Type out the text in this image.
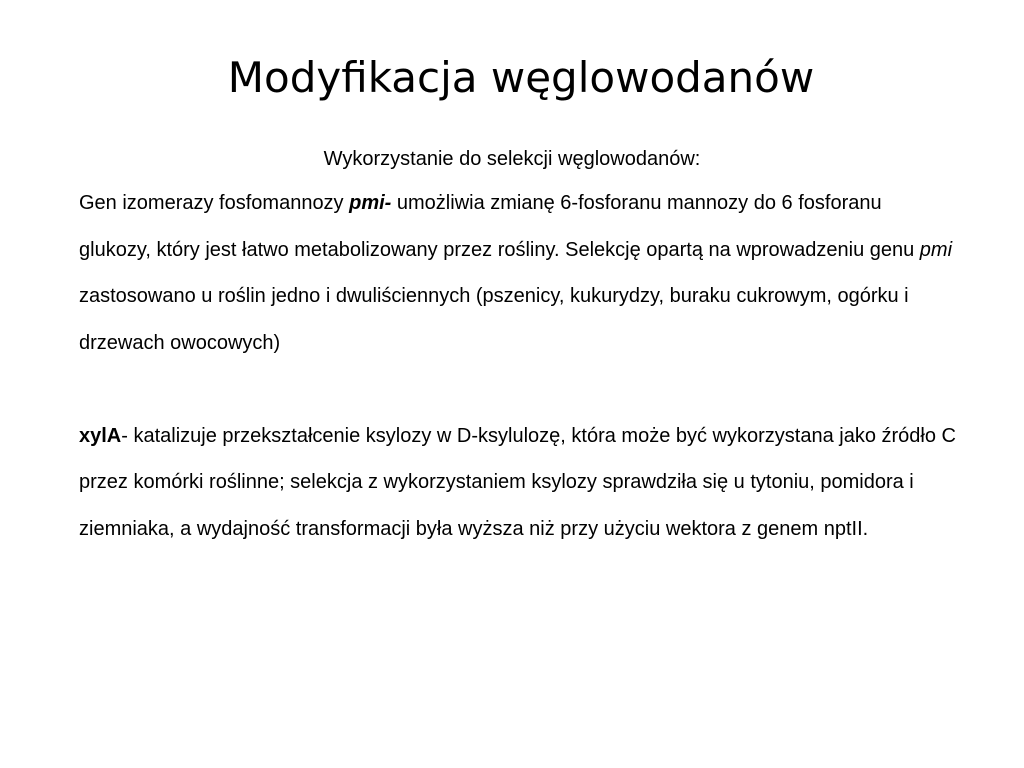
Modyfikacja węglowodanów

Wykorzystanie do selekcji węglowodanów:

Gen izomerazy fosfomannozy pmi- umożliwia zmianę 6-fosforanu mannozy do 6 fosforanu glukozy, który jest łatwo metabolizowany przez rośliny. Selekcję opartą na wprowadzeniu genu pmi zastosowano u roślin jedno i dwuliściennych (pszenicy, kukurydzy, buraku cukrowym, ogórku i drzewach owocowych)

xylA- katalizuje przekształcenie ksylozy w D-ksylulozę, która może być wykorzystana jako źródło C przez komórki roślinne; selekcja z wykorzystaniem ksylozy sprawdziła się u tytoniu, pomidora i ziemniaka, a wydajność transformacji była wyższa niż przy użyciu wektora z genem nptII.
